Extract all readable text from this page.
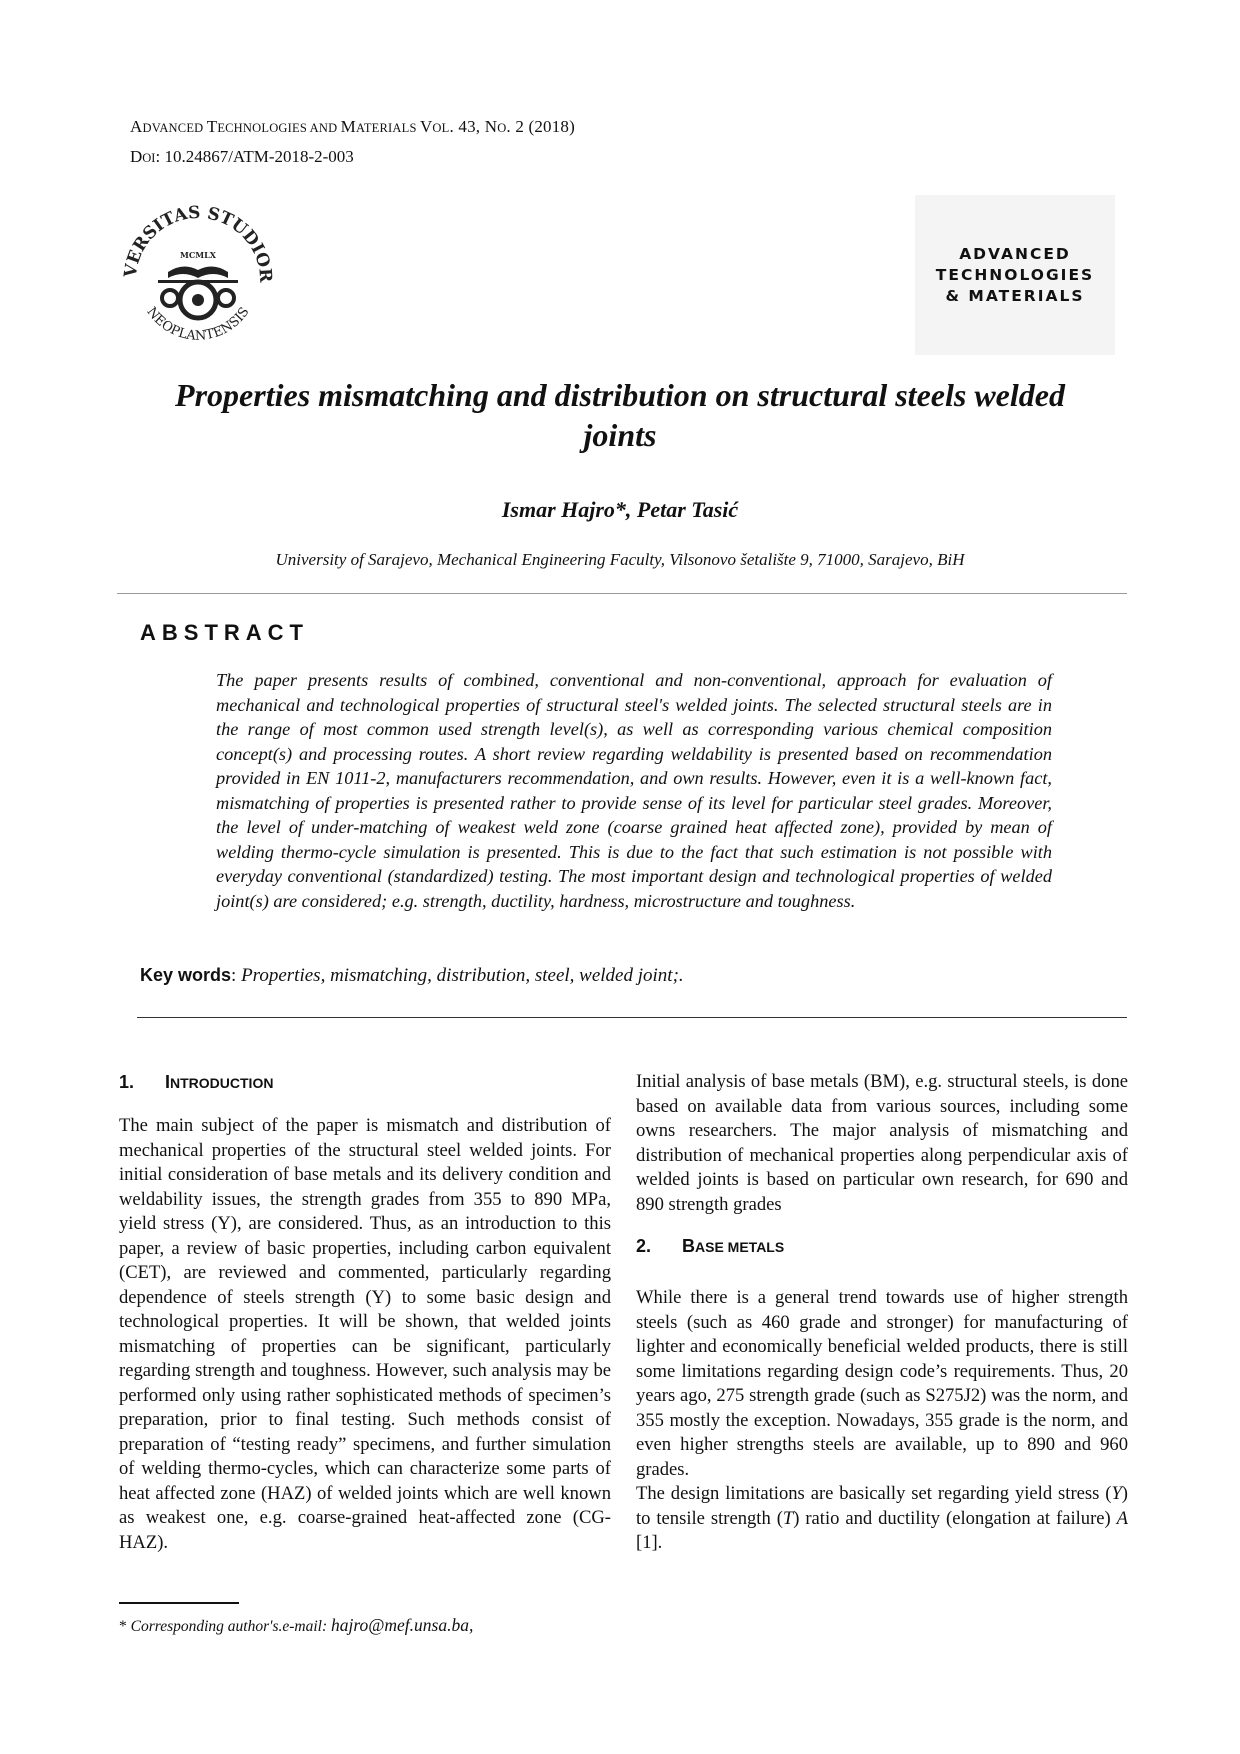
ADVANCED TECHNOLOGIES AND MATERIALS VOL. 43, NO. 2 (2018)
DOI: 10.24867/ATM-2018-2-003
VERSITAS STUDIOR
NEOPLANTENSIS
MCMLX	ADVANCED
TECHNOLOGIES
& MATERIALS
Properties mismatching and distribution on structural steels welded
joints
Ismar Hajro*, Petar Tasić
University of Sarajevo, Mechanical Engineering Faculty, Vilsonovo šetalište 9, 71000, Sarajevo, BiH
ABSTRACT
The paper presents results of combined, conventional and non-conventional, approach for evaluation of mechanical and technological properties of structural steel's welded joints. The selected structural steels are in the range of most common used strength level(s), as well as corresponding various chemical composition concept(s) and processing routes. A short review regarding weldability is presented based on recommendation provided in EN 1011-2, manufacturers recommendation, and own results. However, even it is a well-known fact, mismatching of properties is presented rather to provide sense of its level for particular steel grades. Moreover, the level of under-matching of weakest weld zone (coarse grained heat affected zone), provided by mean of welding thermo-cycle simulation is presented. This is due to the fact that such estimation is not possible with everyday conventional (standardized) testing. The most important design and technological properties of welded joint(s) are considered; e.g. strength, ductility, hardness, microstructure and toughness.
Key words: Properties, mismatching, distribution, steel, welded joint;.
1. INTRODUCTION

The main subject of the paper is mismatch and distribution of mechanical properties of the structural steel welded joints. For initial consideration of base metals and its delivery condition and weldability issues, the strength grades from 355 to 890 MPa, yield stress (Y), are considered. Thus, as an introduction to this paper, a review of basic properties, including carbon equivalent (CET), are reviewed and commented, particularly regarding dependence of steels strength (Y) to some basic design and technological properties. It will be shown, that welded joints mismatching of properties can be significant, particularly regarding strength and toughness. However, such analysis may be performed only using rather sophisticated methods of specimen’s preparation, prior to final testing. Such methods consist of preparation of “testing ready” specimens, and further simulation of welding thermo-cycles, which can characterize some parts of heat affected zone (HAZ) of welded joints which are well known as weakest one, e.g. coarse-grained heat-affected zone (CG-HAZ).

Initial analysis of base metals (BM), e.g. structural steels, is done based on available data from various sources, including some owns researchers. The major analysis of mismatching and distribution of mechanical properties along perpendicular axis of welded joints is based on particular own research, for 690 and 890 strength grades

2. BASE METALS

While there is a general trend towards use of higher strength steels (such as 460 grade and stronger) for manufacturing of lighter and economically beneficial welded products, there is still some limitations regarding design code’s requirements. Thus, 20 years ago, 275 strength grade (such as S275J2) was the norm, and 355 mostly the exception. Nowadays, 355 grade is the norm, and even higher strengths steels are available, up to 890 and 960 grades.

The design limitations are basically set regarding yield stress (Y) to tensile strength (T) ratio and ductility (elongation at failure) A [1].

* Corresponding author's.e-mail: hajro@mef.unsa.ba,
